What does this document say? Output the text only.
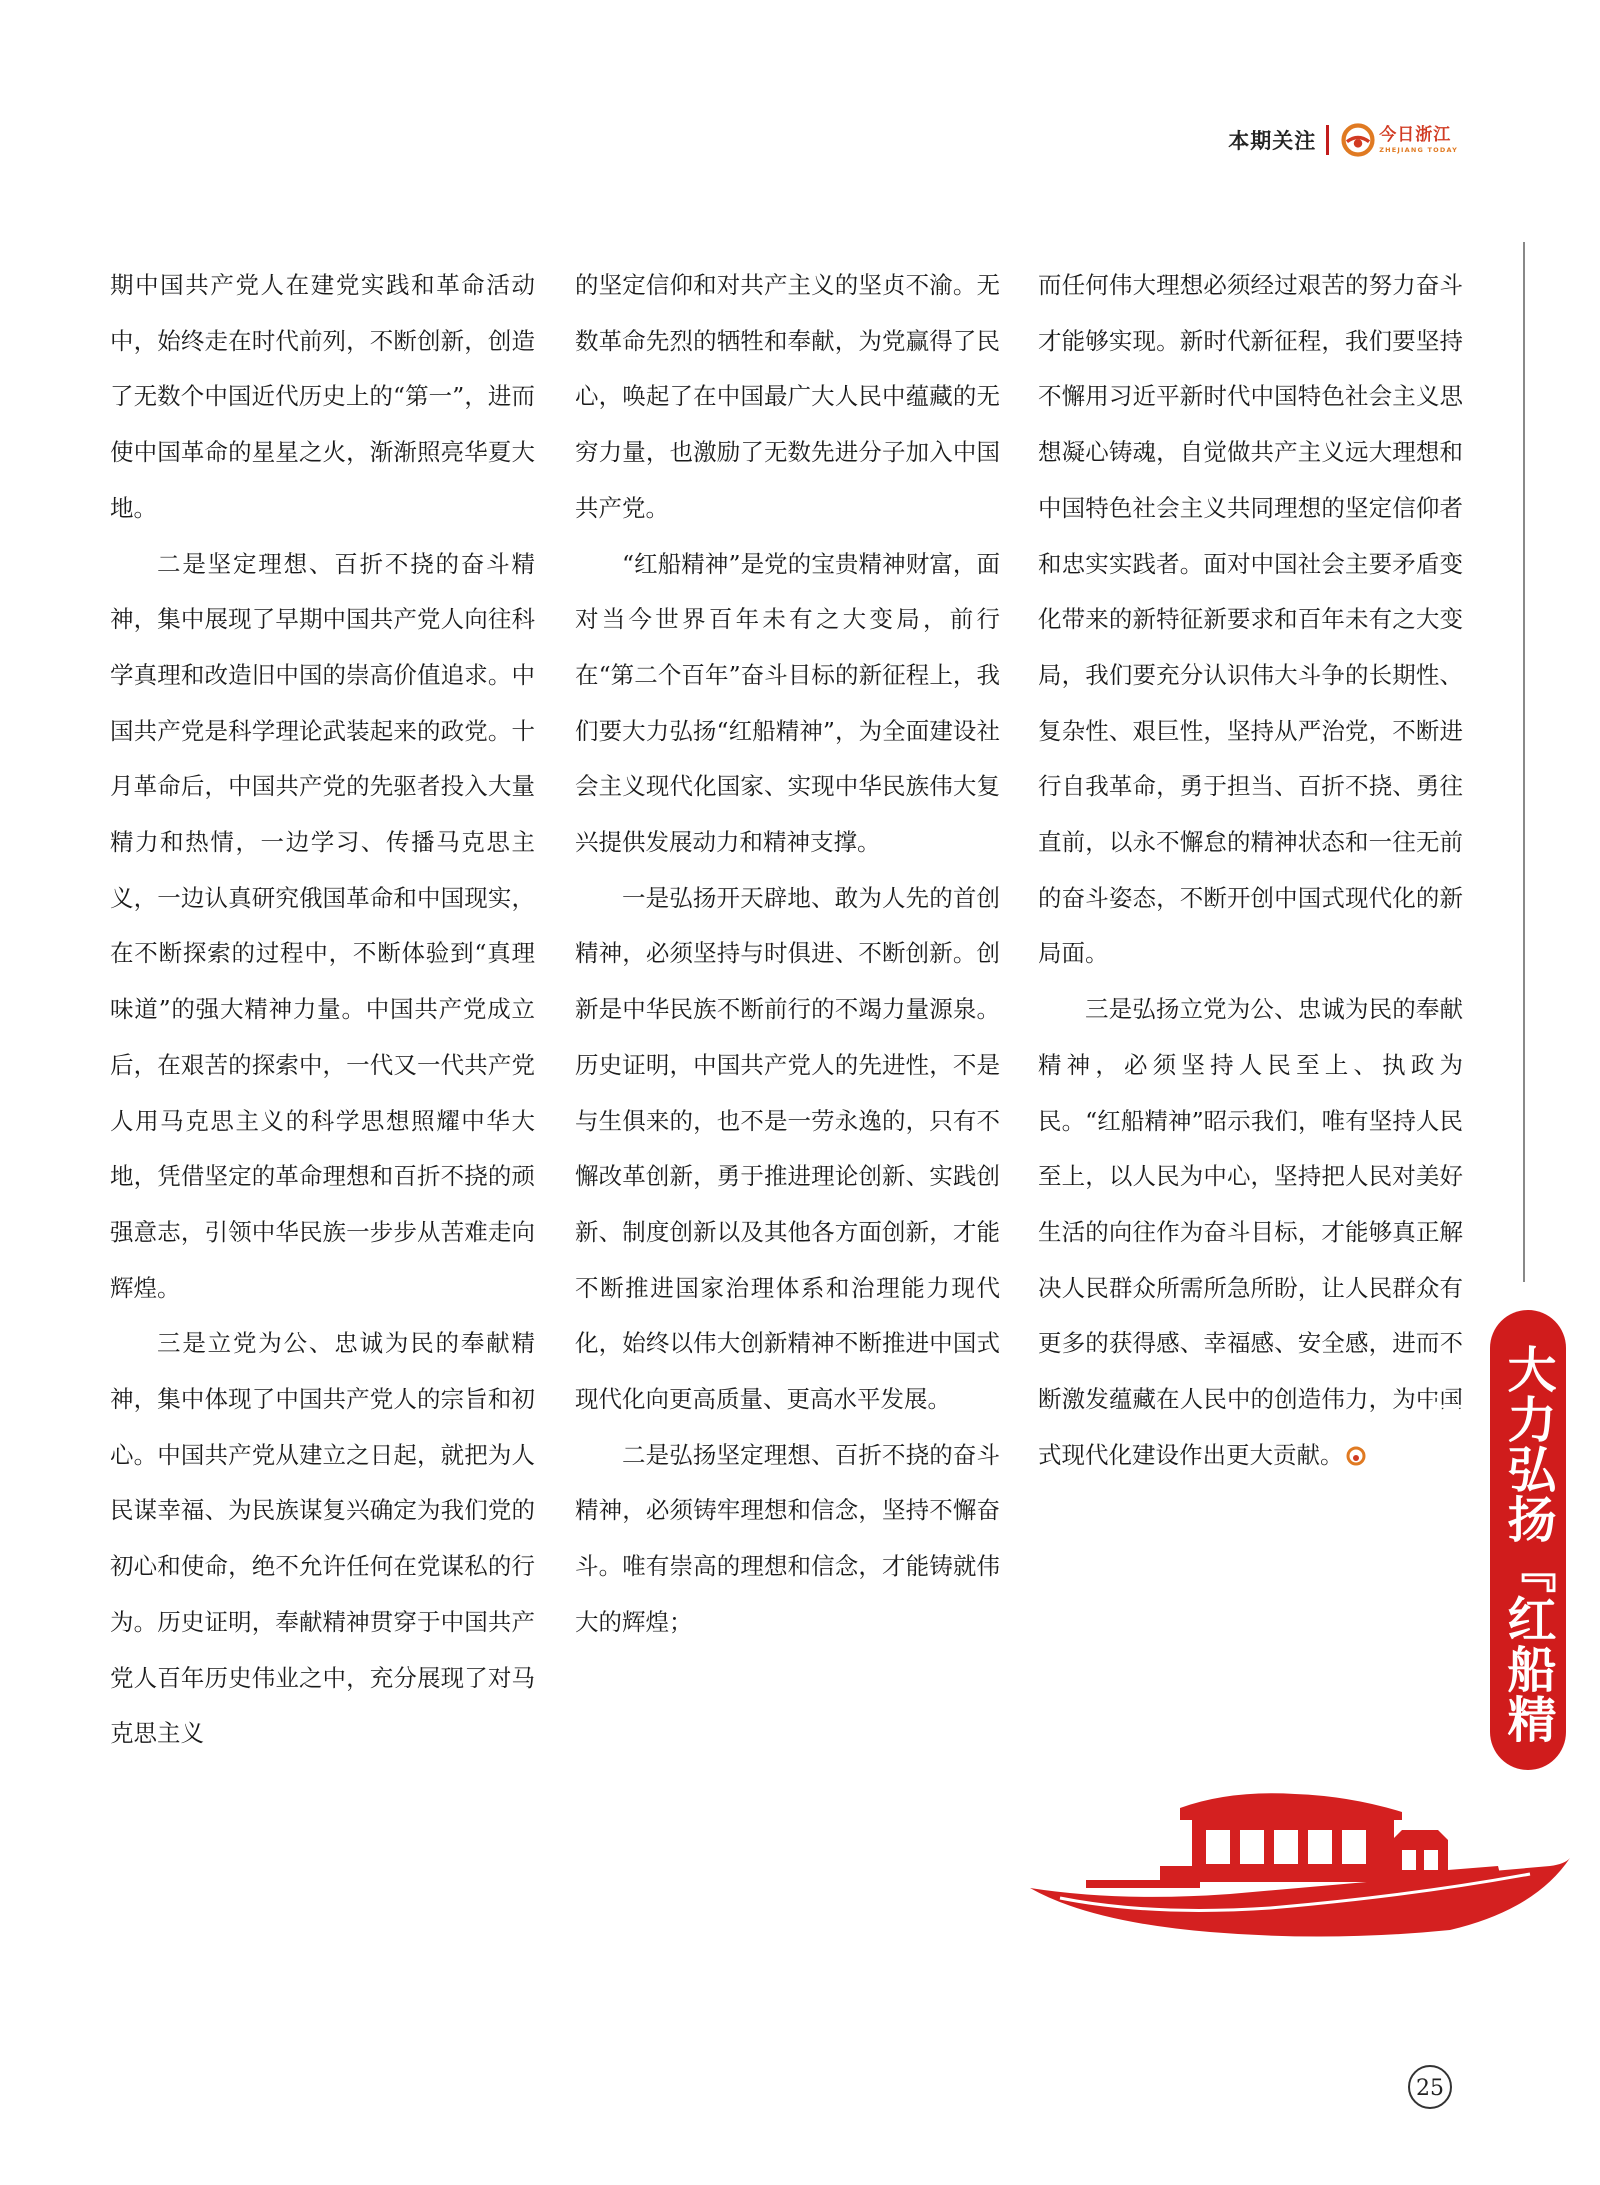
本期关注	今日浙江
ZHEJIANG TODAY

期中国共产党人在建党实践和革命活动中，始终走在时代前列，不断创新，创造了无数个中国近代历史上的“第一”，进而使中国革命的星星之火，渐渐照亮华夏大地。

二是坚定理想、百折不挠的奋斗精神，集中展现了早期中国共产党人向往科学真理和改造旧中国的崇高价值追求。中国共产党是科学理论武装起来的政党。十月革命后，中国共产党的先驱者投入大量精力和热情，一边学习、传播马克思主义，一边认真研究俄国革命和中国现实，在不断探索的过程中，不断体验到“真理味道”的强大精神力量。中国共产党成立后，在艰苦的探索中，一代又一代共产党人用马克思主义的科学思想照耀中华大地，凭借坚定的革命理想和百折不挠的顽强意志，引领中华民族一步步从苦难走向辉煌。

三是立党为公、忠诚为民的奉献精神，集中体现了中国共产党人的宗旨和初心。中国共产党从建立之日起，就把为人民谋幸福、为民族谋复兴确定为我们党的初心和使命，绝不允许任何在党谋私的行为。历史证明，奉献精神贯穿于中国共产党人百年历史伟业之中，充分展现了对马克思主义

的坚定信仰和对共产主义的坚贞不渝。无数革命先烈的牺牲和奉献，为党赢得了民心，唤起了在中国最广大人民中蕴藏的无穷力量，也激励了无数先进分子加入中国共产党。

“红船精神”是党的宝贵精神财富，面对当今世界百年未有之大变局，前行在“第二个百年”奋斗目标的新征程上，我们要大力弘扬“红船精神”，为全面建设社会主义现代化国家、实现中华民族伟大复兴提供发展动力和精神支撑。

一是弘扬开天辟地、敢为人先的首创精神，必须坚持与时俱进、不断创新。创新是中华民族不断前行的不竭力量源泉。历史证明，中国共产党人的先进性，不是与生俱来的，也不是一劳永逸的，只有不懈改革创新，勇于推进理论创新、实践创新、制度创新以及其他各方面创新，才能不断推进国家治理体系和治理能力现代化，始终以伟大创新精神不断推进中国式现代化向更高质量、更高水平发展。

二是弘扬坚定理想、百折不挠的奋斗精神，必须铸牢理想和信念，坚持不懈奋斗。唯有崇高的理想和信念，才能铸就伟大的辉煌；

而任何伟大理想必须经过艰苦的努力奋斗才能够实现。新时代新征程，我们要坚持不懈用习近平新时代中国特色社会主义思想凝心铸魂，自觉做共产主义远大理想和中国特色社会主义共同理想的坚定信仰者和忠实实践者。面对中国社会主要矛盾变化带来的新特征新要求和百年未有之大变局，我们要充分认识伟大斗争的长期性、复杂性、艰巨性，坚持从严治党，不断进行自我革命，勇于担当、百折不挠、勇往直前，以永不懈怠的精神状态和一往无前的奋斗姿态，不断开创中国式现代化的新局面。

三是弘扬立党为公、忠诚为民的奉献精神，必须坚持人民至上、执政为民。“红船精神”昭示我们，唯有坚持人民至上，以人民为中心，坚持把人民对美好生活的向往作为奋斗目标，才能够真正解决人民群众所需所急所盼，让人民群众有更多的获得感、幸福感、安全感，进而不断激发蕴藏在人民中的创造伟力，为中国式现代化建设作出更大贡献。	大力弘扬『红船精神』
25
